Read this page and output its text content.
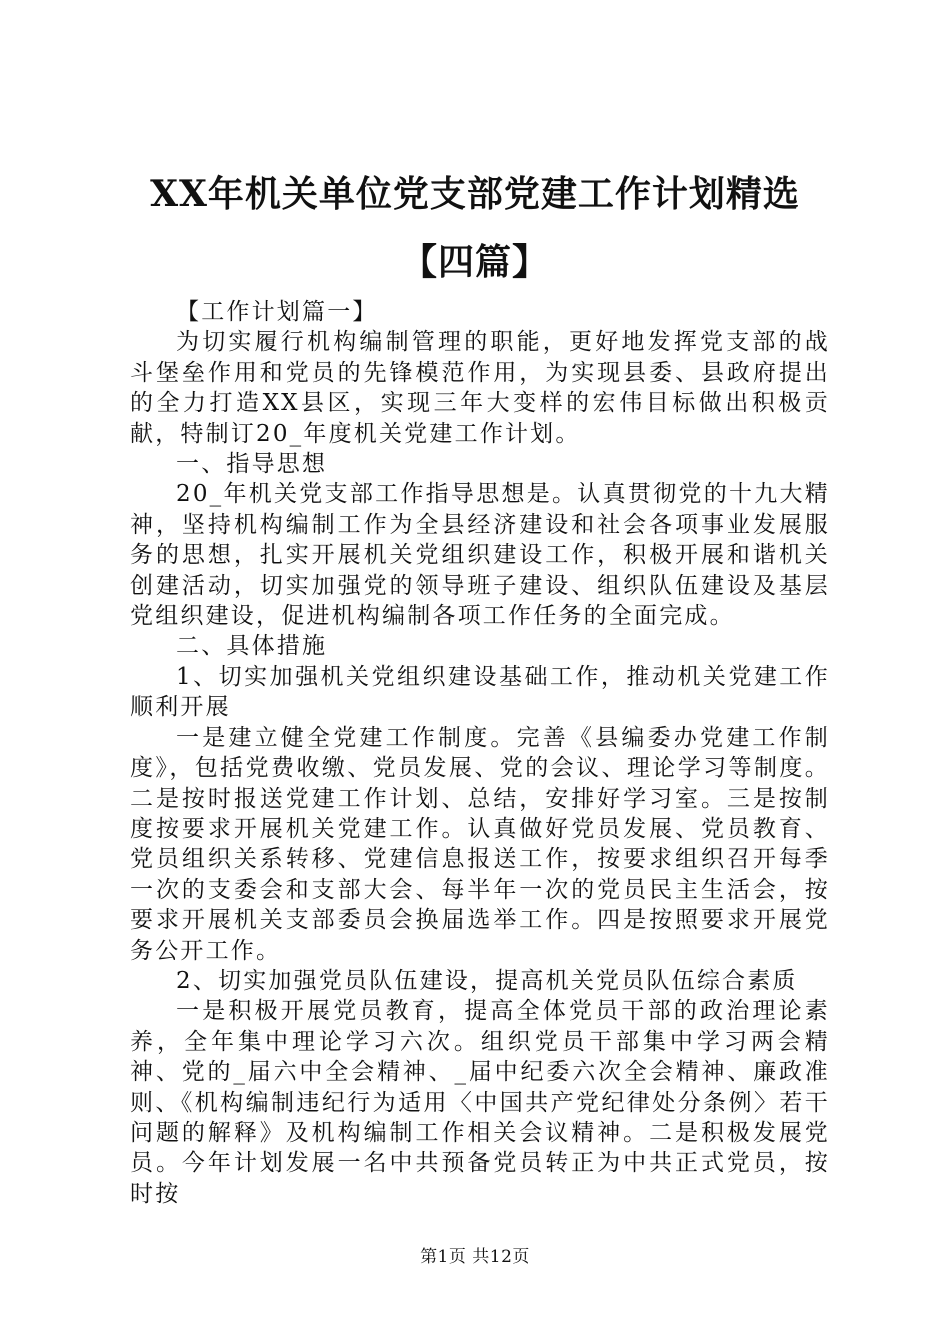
XX年机关单位党支部党建工作计划精选【四篇】

【工作计划篇一】

为切实履行机构编制管理的职能，更好地发挥党支部的战斗堡垒作用和党员的先锋模范作用，为实现县委、县政府提出的全力打造XX县区，实现三年大变样的宏伟目标做出积极贡献，特制订20_年度机关党建工作计划。

一、指导思想

20_年机关党支部工作指导思想是。认真贯彻党的十九大精神，坚持机构编制工作为全县经济建设和社会各项事业发展服务的思想，扎实开展机关党组织建设工作，积极开展和谐机关创建活动，切实加强党的领导班子建设、组织队伍建设及基层党组织建设，促进机构编制各项工作任务的全面完成。

二、具体措施

1、切实加强机关党组织建设基础工作，推动机关党建工作顺利开展

一是建立健全党建工作制度。完善《县编委办党建工作制度》，包括党费收缴、党员发展、党的会议、理论学习等制度。二是按时报送党建工作计划、总结，安排好学习室。三是按制度按要求开展机关党建工作。认真做好党员发展、党员教育、党员组织关系转移、党建信息报送工作，按要求组织召开每季一次的支委会和支部大会、每半年一次的党员民主生活会，按要求开展机关支部委员会换届选举工作。四是按照要求开展党务公开工作。

2、切实加强党员队伍建设，提高机关党员队伍综合素质

一是积极开展党员教育，提高全体党员干部的政治理论素养，全年集中理论学习六次。组织党员干部集中学习两会精神、党的_届六中全会精神、_届中纪委六次全会精神、廉政准则、《机构编制违纪行为适用〈中国共产党纪律处分条例〉若干问题的解释》及机构编制工作相关会议精神。二是积极发展党员。今年计划发展一名中共预备党员转正为中共正式党员，按时按

第1页 共12页
